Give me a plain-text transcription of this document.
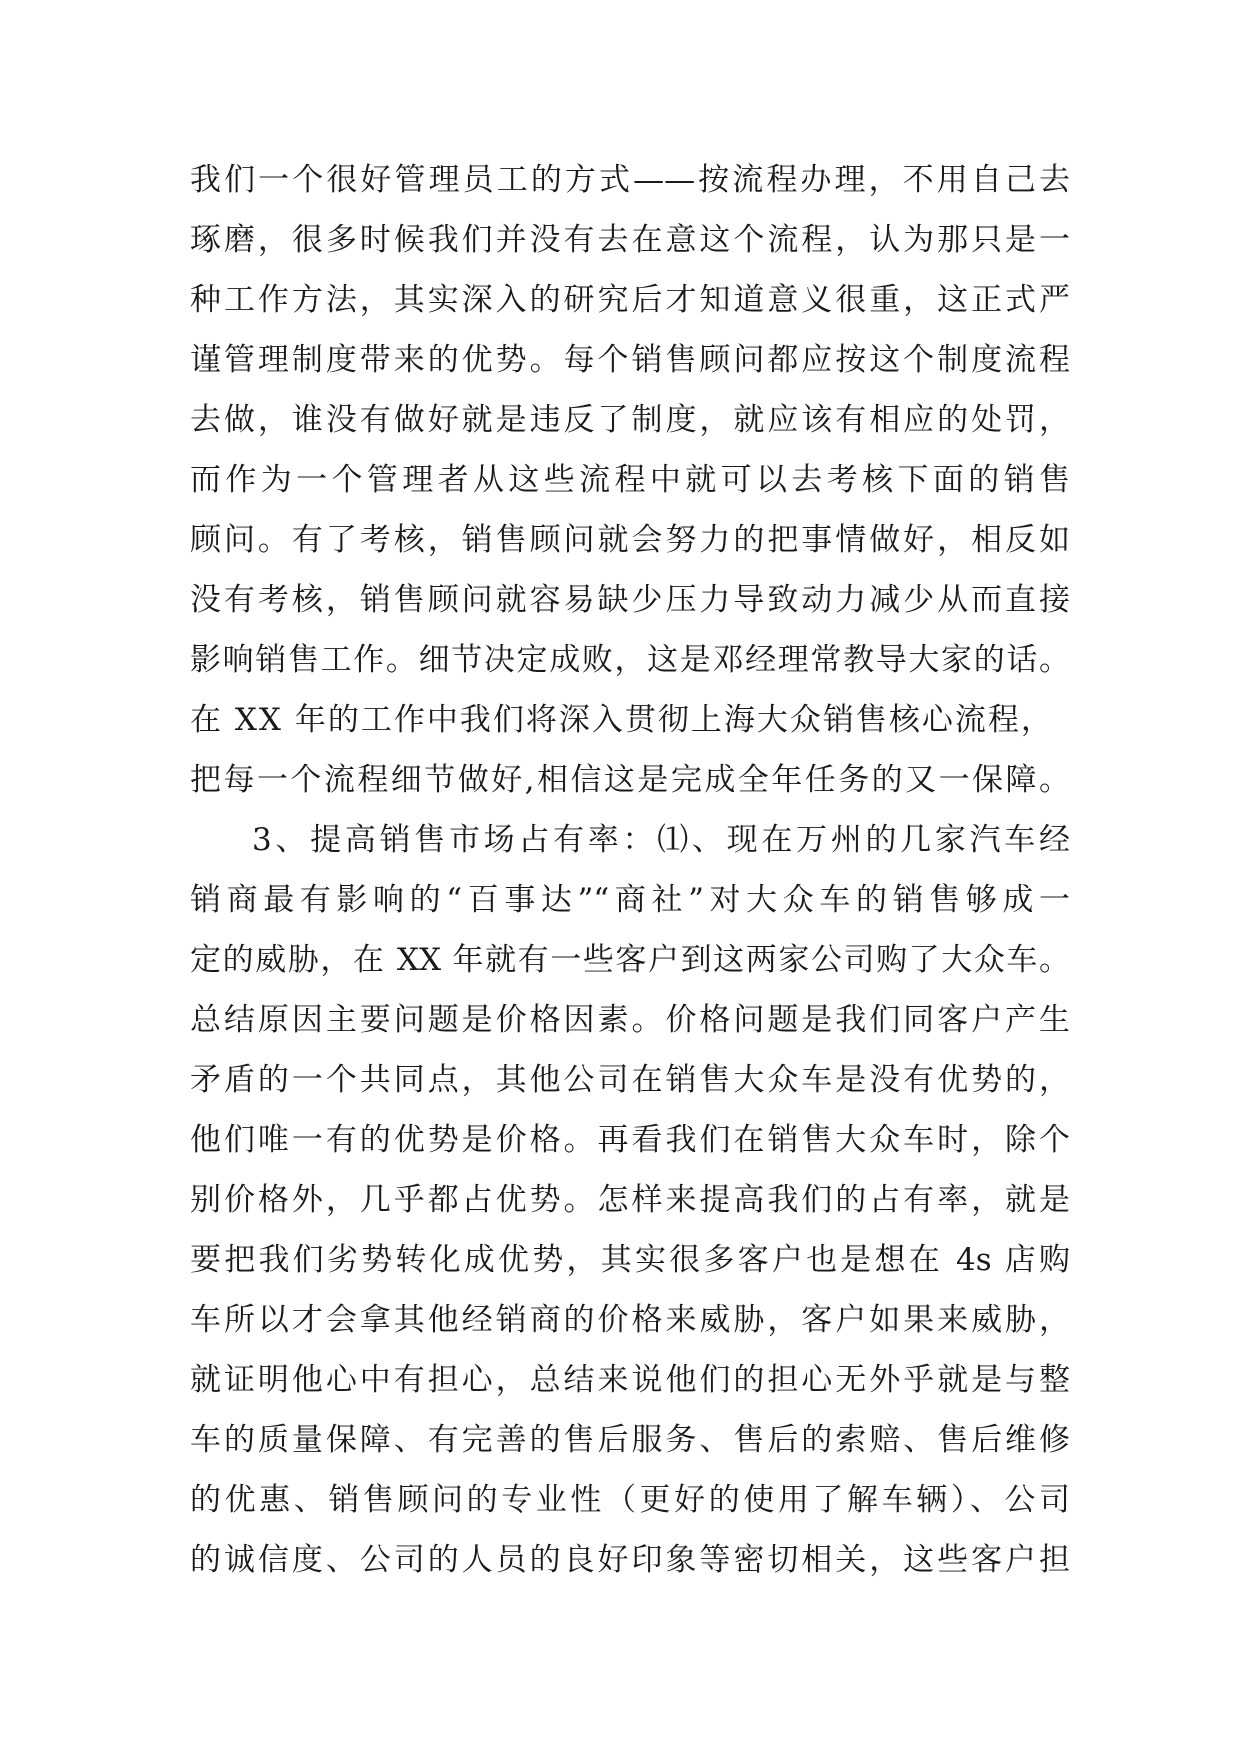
我们一个很好管理员工的方式——按流程办理，不用自己去
琢磨，很多时候我们并没有去在意这个流程，认为那只是一
种工作方法，其实深入的研究后才知道意义很重，这正式严
谨管理制度带来的优势。每个销售顾问都应按这个制度流程
去做，谁没有做好就是违反了制度，就应该有相应的处罚，
而作为一个管理者从这些流程中就可以去考核下面的销售
顾问。有了考核，销售顾问就会努力的把事情做好，相反如
没有考核，销售顾问就容易缺少压力导致动力减少从而直接
影响销售工作。细节决定成败，这是邓经理常教导大家的话。
在 XX 年的工作中我们将深入贯彻上海大众销售核心流程，
把每一个流程细节做好,相信这是完成全年任务的又一保障。
3、提高销售市场占有率：⑴、现在万州的几家汽车经
销商最有影响的“百事达”“商社”对大众车的销售够成一
定的威胁，在 XX 年就有一些客户到这两家公司购了大众车。
总结原因主要问题是价格因素。价格问题是我们同客户产生
矛盾的一个共同点，其他公司在销售大众车是没有优势的，
他们唯一有的优势是价格。再看我们在销售大众车时，除个
别价格外，几乎都占优势。怎样来提高我们的占有率，就是
要把我们劣势转化成优势，其实很多客户也是想在 4s 店购
车所以才会拿其他经销商的价格来威胁，客户如果来威胁，
就证明他心中有担心，总结来说他们的担心无外乎就是与整
车的质量保障、有完善的售后服务、售后的索赔、售后维修
的优惠、销售顾问的专业性（更好的使用了解车辆）、公司
的诚信度、公司的人员的良好印象等密切相关，这些客户担
